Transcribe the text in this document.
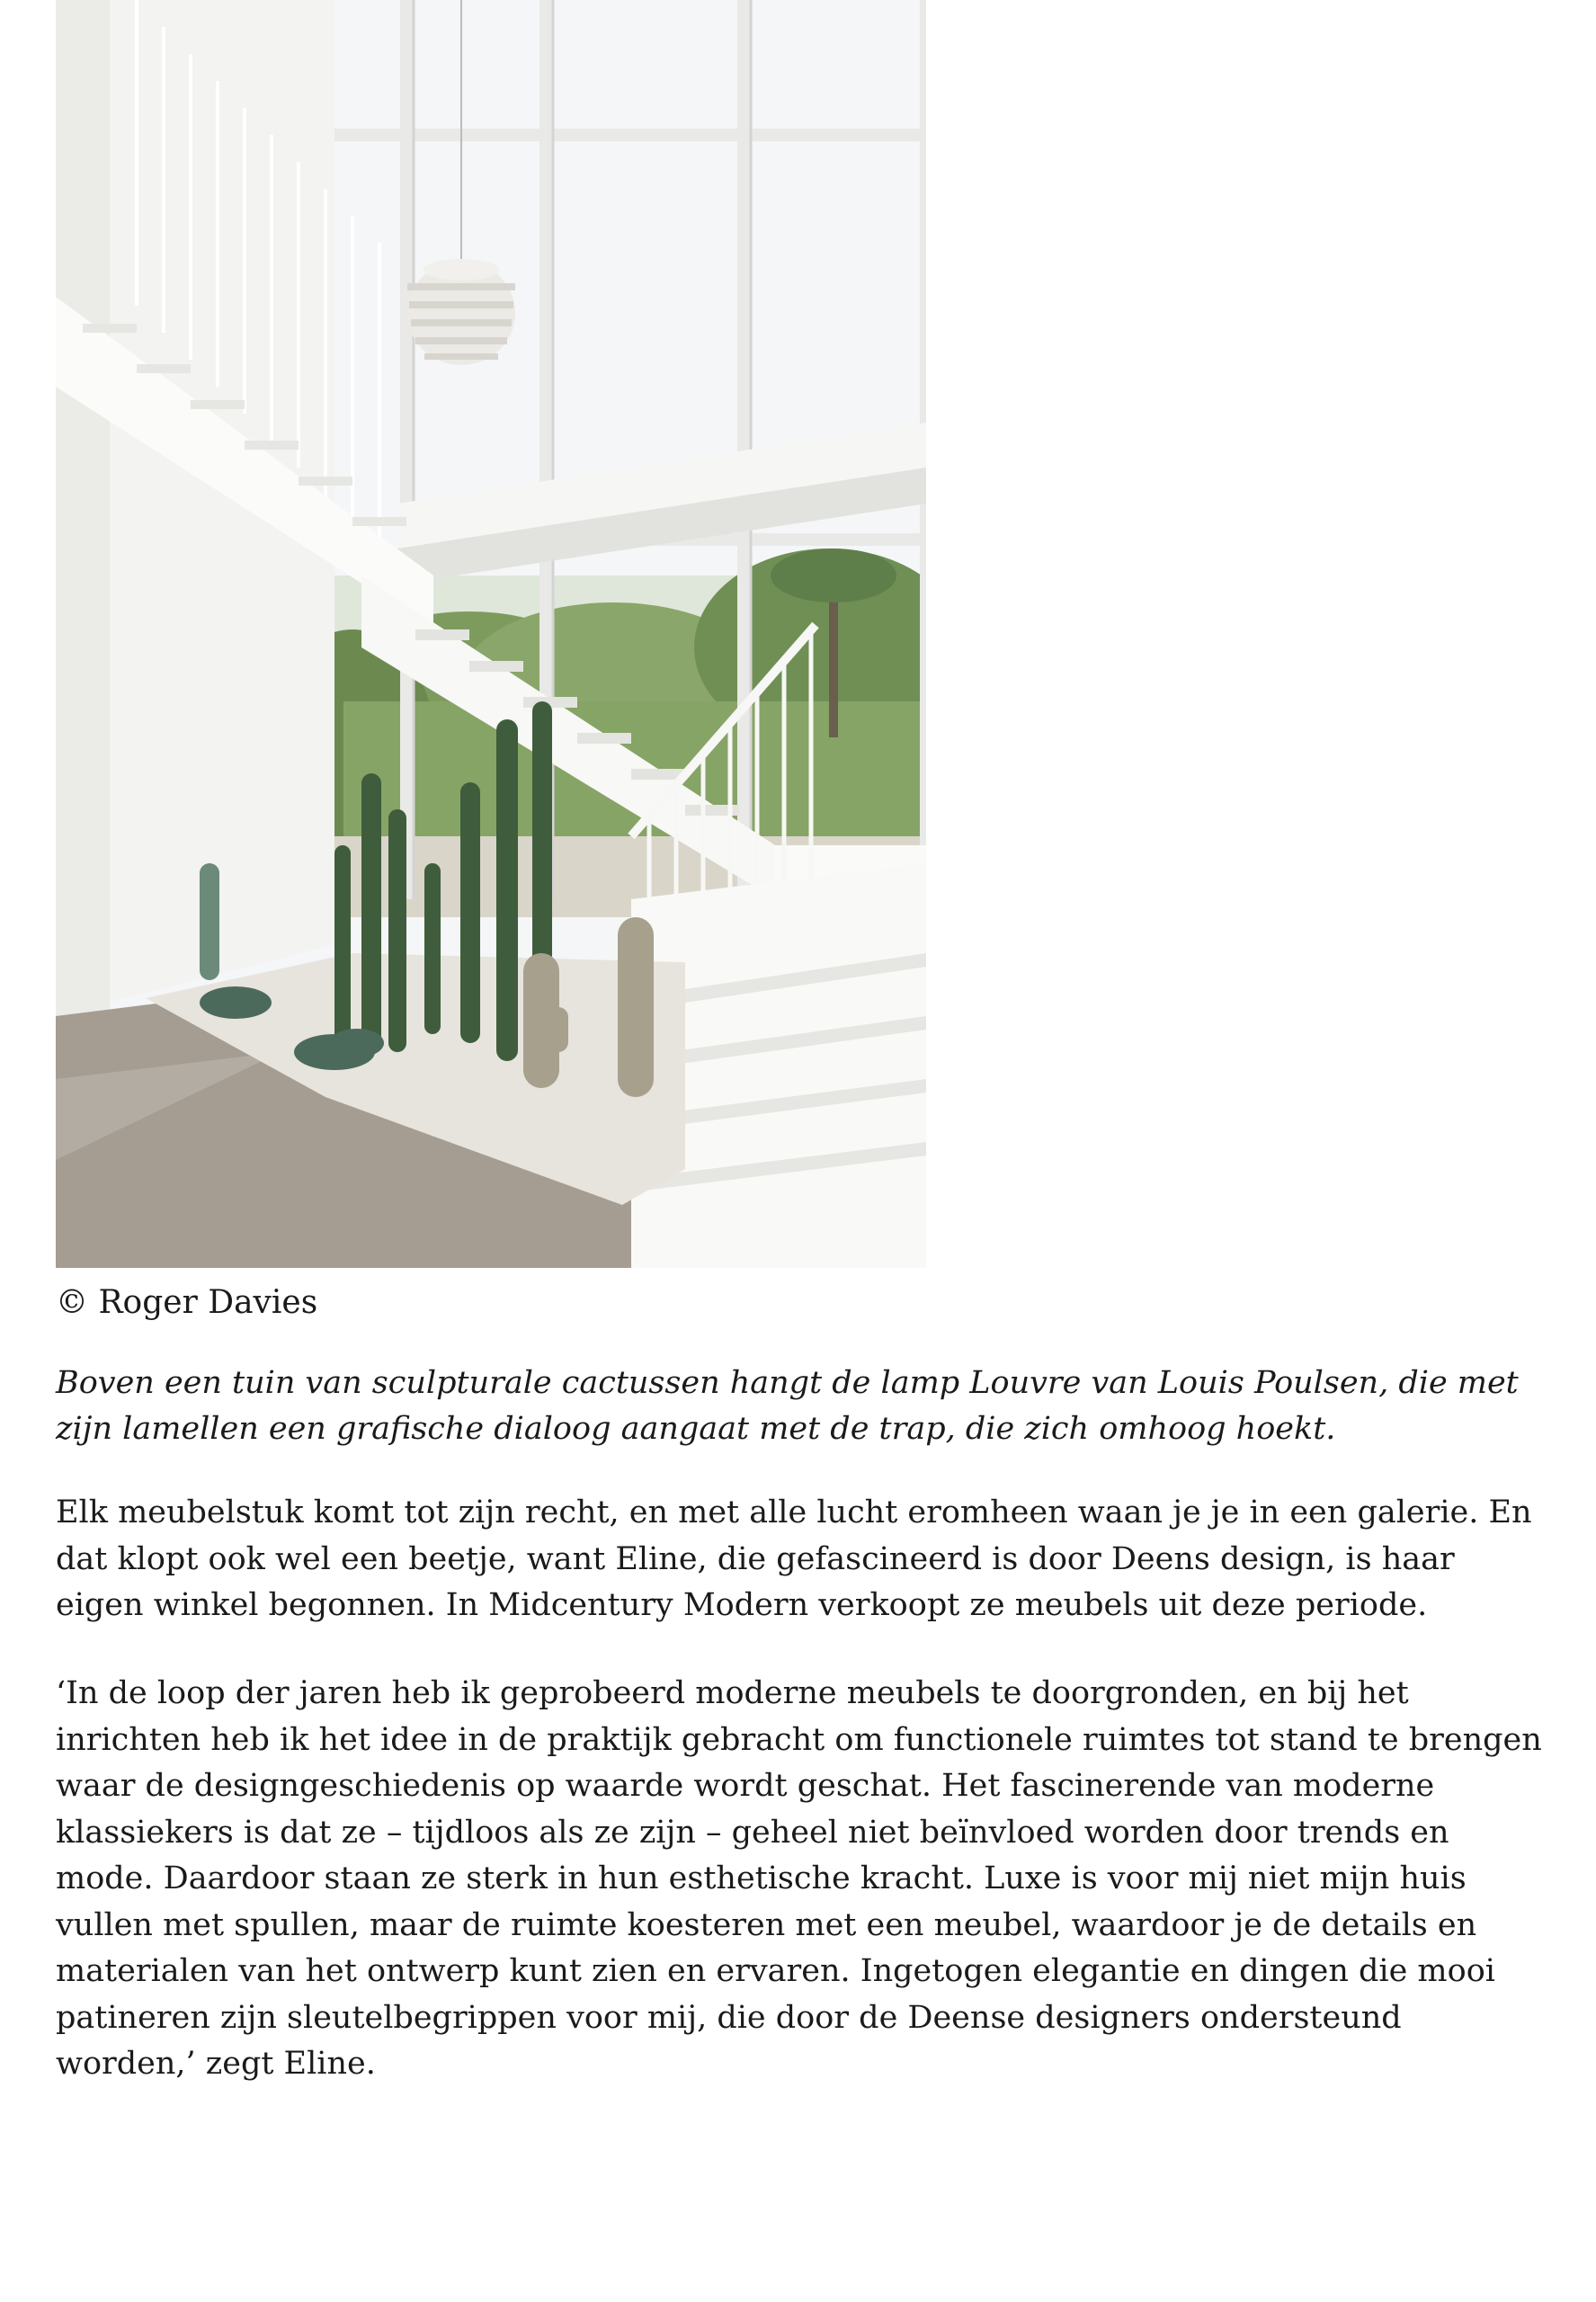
© Roger Davies
Boven een tuin van sculpturale cactussen hangt de lamp Louvre van Louis Poulsen, die met zijn lamellen een grafische dialoog aangaat met de trap, die zich omhoog hoekt.
Elk meubelstuk komt tot zijn recht, en met alle lucht eromheen waan je je in een galerie. En dat klopt ook wel een beetje, want Eline, die gefascineerd is door Deens design, is haar eigen winkel begonnen. In Midcentury Modern verkoopt ze meubels uit deze periode.
‘In de loop der jaren heb ik geprobeerd moderne meubels te doorgronden, en bij het inrichten heb ik het idee in de praktijk gebracht om functionele ruimtes tot stand te brengen waar de designgeschiedenis op waarde wordt geschat. Het fascinerende van moderne klassiekers is dat ze – tijdloos als ze zijn – geheel niet beïnvloed worden door trends en mode. Daardoor staan ze sterk in hun esthetische kracht. Luxe is voor mij niet mijn huis vullen met spullen, maar de ruimte koesteren met een meubel, waardoor je de details en materialen van het ontwerp kunt zien en ervaren. Ingetogen elegantie en dingen die mooi patineren zijn sleutelbegrippen voor mij, die door de Deense designers ondersteund worden,’ zegt Eline.
